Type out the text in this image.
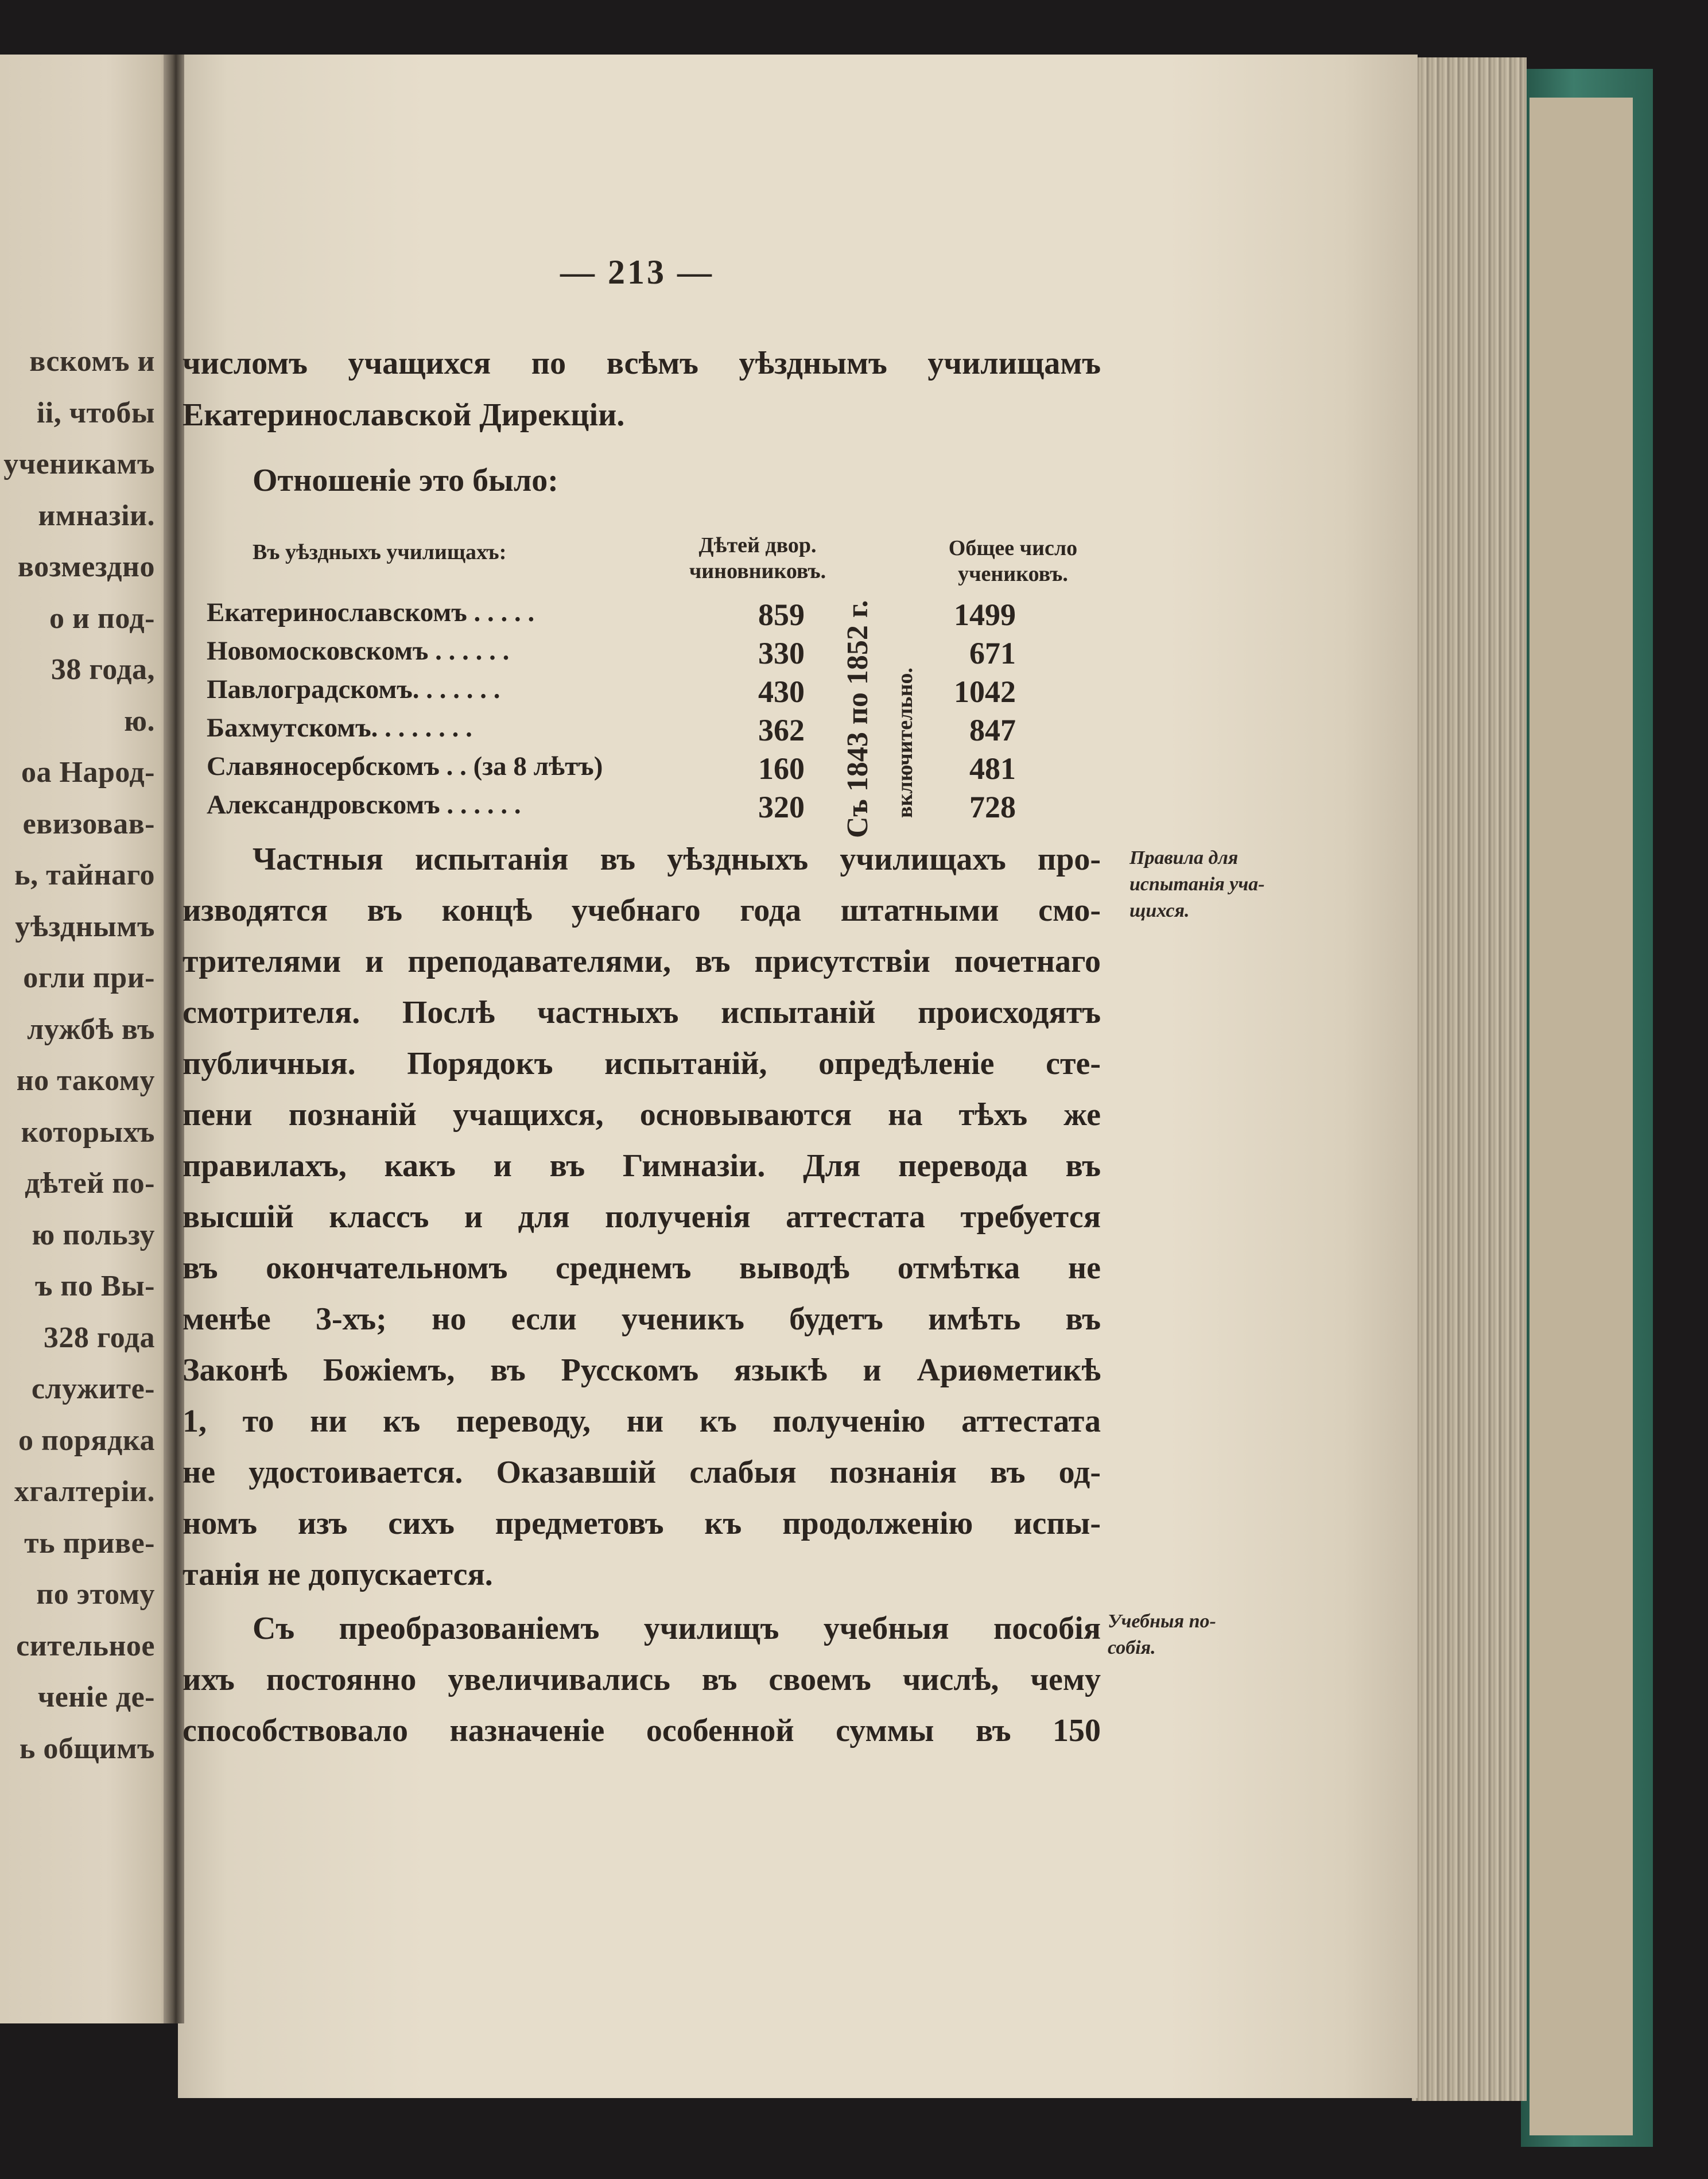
вскомъ и
ii, чтобы
ученикамъ
имназiи.
возмездно
о и под-
38 года,
ю.
оа Народ-
евизовав-
ь, тайнаго
уѣзднымъ
огли при-
лужбѣ въ
но такому
которыхъ
дѣтей по-
ю пользу
ъ по Вы-
328 года
служите-
о порядка
хгалтерiи.
ть приве-
по этому
сительное
ченiе де-
ь общимъ
— 213 —
числомъ учащихся по всѣмъ уѣзднымъ училищамъ
Екатеринославской Дирекцiи.
Отношенiе это было:
Въ уѣздныхъ училищахъ:	Дѣтей двор.
чиновниковъ.
Общее число
учениковъ.
Екатеринославскомъ . . . . .	859	1499
Новомосковскомъ . . . . . .	330	671
Павлоградскомъ. . . . . . .	430	1042
Бахмутскомъ. . . . . . . .	362	847
Славяносербскомъ . . (за 8 лѣтъ)	160	481
Александровскомъ . . . . . .	320	728
Съ 1843 по 1852 г. включительно.
Частныя испытанiя въ уѣздныхъ училищахъ про-
изводятся въ концѣ учебнаго года штатными смо-
трителями и преподавателями, въ присутствiи почетнаго
смотрителя. Послѣ частныхъ испытанiй происходятъ
публичныя. Порядокъ испытанiй, опредѣленiе сте-
пени познанiй учащихся, основываются на тѣхъ же
правилахъ, какъ и въ Гимназiи. Для перевода въ
высшiй классъ и для полученiя аттестата требуется
въ окончательномъ среднемъ выводѣ отмѣтка не
менѣе 3-хъ; но если ученикъ будетъ имѣть въ
Законѣ Божiемъ, въ Русскомъ языкѣ и Ариѳметикѣ
1, то ни къ переводу, ни къ полученiю аттестата
не удостоивается. Оказавшiй слабыя познанiя въ од-
номъ изъ сихъ предметовъ къ продолженiю испы-
танiя не допускается.
Съ преобразованiемъ училищъ учебныя пособiя
ихъ постоянно увеличивались въ своемъ числѣ, чему
способствовало назначенiе особенной суммы въ 150
Правила для
испытанiя уча-
щихся.
Учебныя по-
собiя.
